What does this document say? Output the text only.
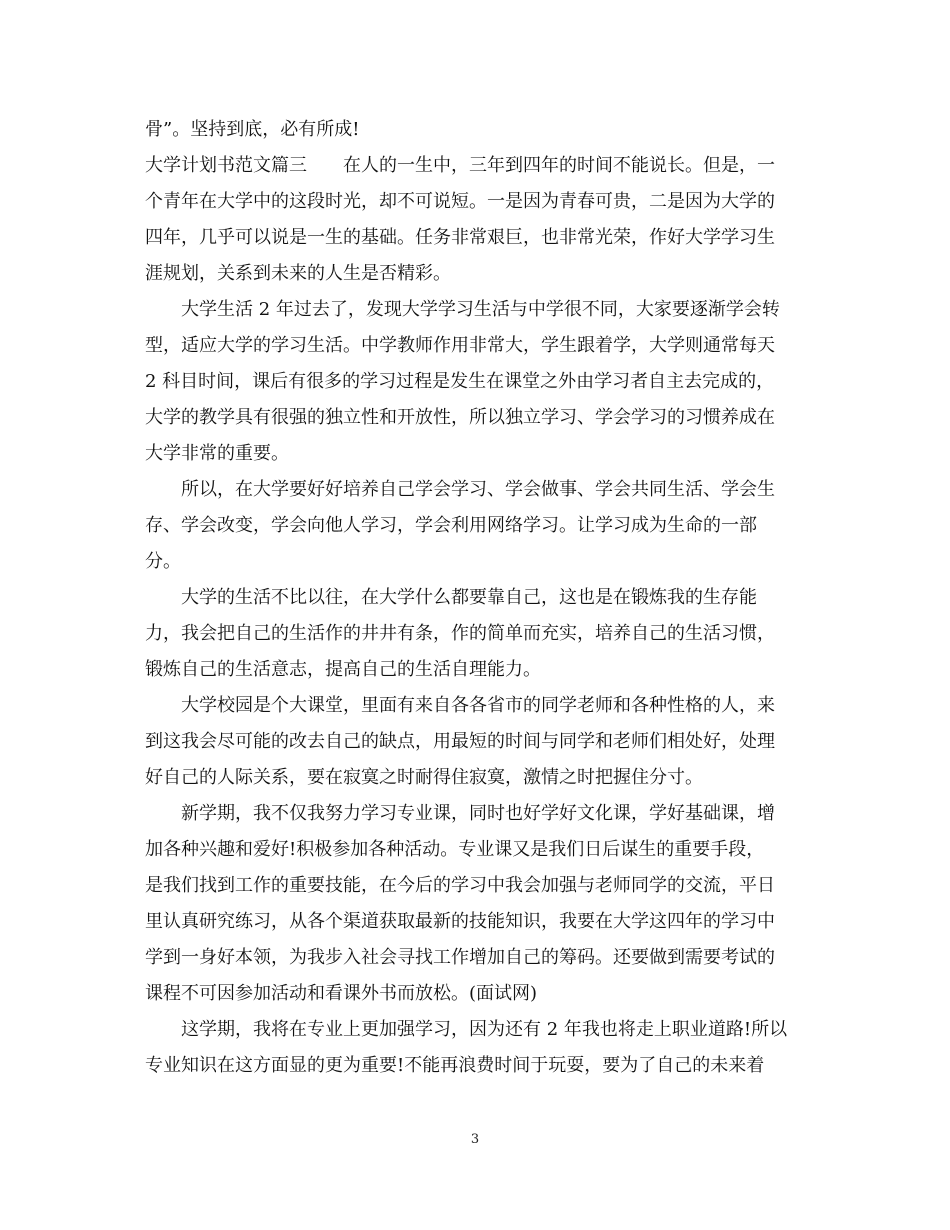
骨”。坚持到底，必有所成!
大学计划书范文篇三　　在人的一生中，三年到四年的时间不能说长。但是，一
个青年在大学中的这段时光，却不可说短。一是因为青春可贵，二是因为大学的
四年，几乎可以说是一生的基础。任务非常艰巨，也非常光荣，作好大学学习生
涯规划，关系到未来的人生是否精彩。
　　大学生活 2 年过去了，发现大学学习生活与中学很不同，大家要逐渐学会转
型，适应大学的学习生活。中学教师作用非常大，学生跟着学，大学则通常每天
2 科目时间，课后有很多的学习过程是发生在课堂之外由学习者自主去完成的，
大学的教学具有很强的独立性和开放性，所以独立学习、学会学习的习惯养成在
大学非常的重要。
　　所以，在大学要好好培养自己学会学习、学会做事、学会共同生活、学会生
存、学会改变，学会向他人学习，学会利用网络学习。让学习成为生命的一部
分。
　　大学的生活不比以往，在大学什么都要靠自己，这也是在锻炼我的生存能
力，我会把自己的生活作的井井有条，作的简单而充实，培养自己的生活习惯，
锻炼自己的生活意志，提高自己的生活自理能力。
　　大学校园是个大课堂，里面有来自各各省市的同学老师和各种性格的人，来
到这我会尽可能的改去自己的缺点，用最短的时间与同学和老师们相处好，处理
好自己的人际关系，要在寂寞之时耐得住寂寞，激情之时把握住分寸。
　　新学期，我不仅我努力学习专业课，同时也好学好文化课，学好基础课，增
加各种兴趣和爱好!积极参加各种活动。专业课又是我们日后谋生的重要手段，
是我们找到工作的重要技能，在今后的学习中我会加强与老师同学的交流，平日
里认真研究练习，从各个渠道获取最新的技能知识，我要在大学这四年的学习中
学到一身好本领，为我步入社会寻找工作增加自己的筹码。还要做到需要考试的
课程不可因参加活动和看课外书而放松。(面试网)
　　这学期，我将在专业上更加强学习，因为还有 2 年我也将走上职业道路!所以
专业知识在这方面显的更为重要!不能再浪费时间于玩耍，要为了自己的未来着
3
